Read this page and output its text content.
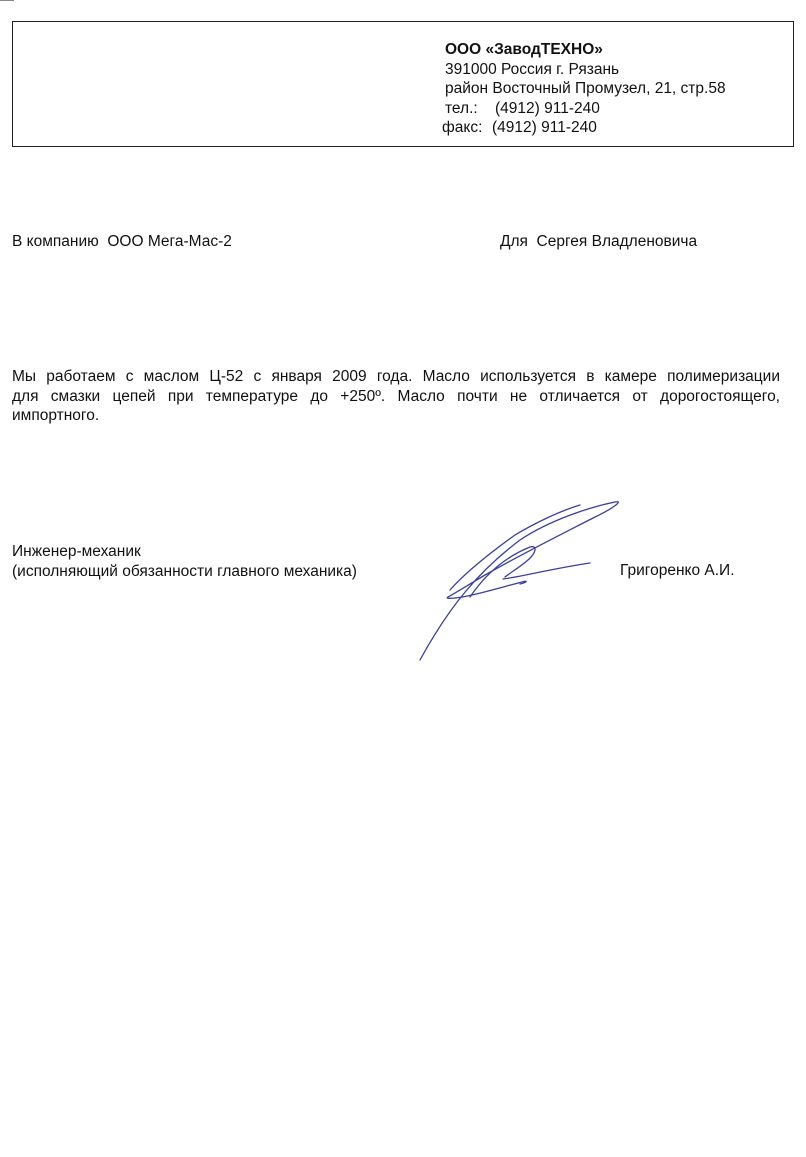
ООО «ЗаводТЕХНО»
391000 Россия г. Рязань
район Восточный Промузел, 21, стр.58
тел.: (4912) 911-240
факс: (4912) 911-240
В компанию  ООО Мега-Мас-2	Для  Сергея Владленовича
Мы работаем с маслом Ц-52 с января 2009 года. Масло используется в камере полимеризации
для смазки цепей при температуре до +250º. Масло почти не отличается от дорогостоящего,
импортного.
Инженер-механик
(исполняющий обязанности главного механика)	Григоренко А.И.
